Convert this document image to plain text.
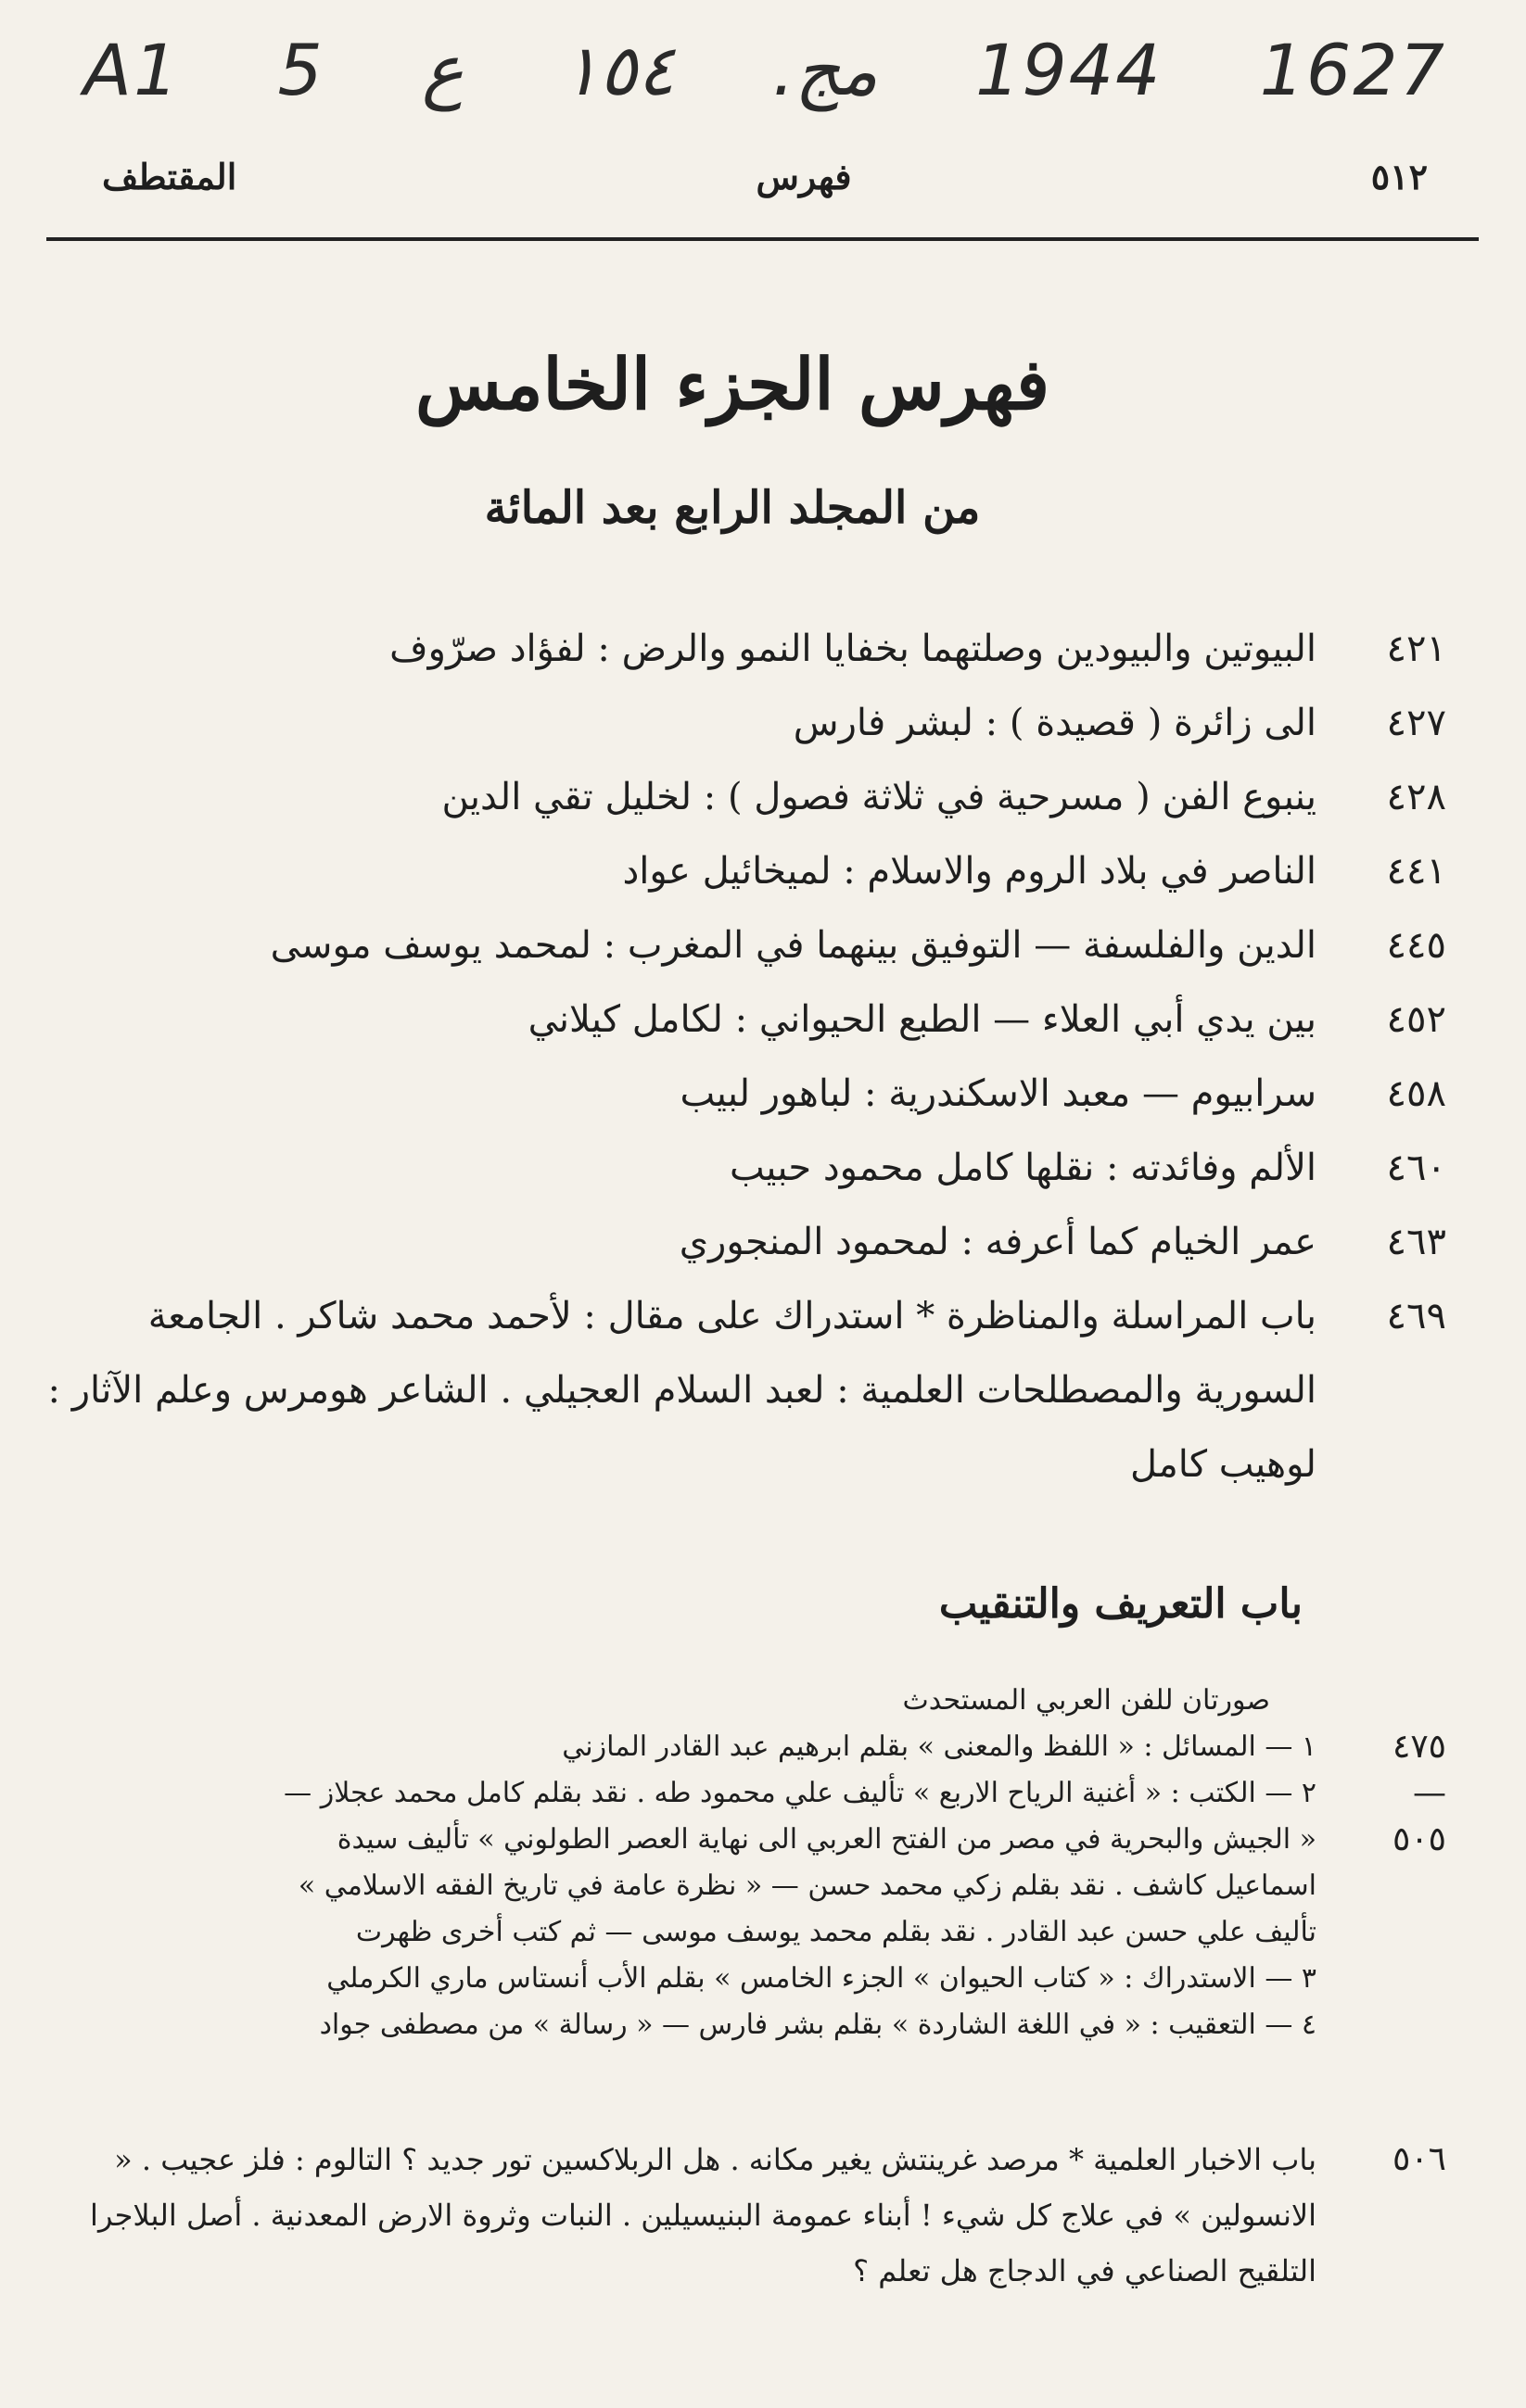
A1 5 ع ١٥٤ .مج 1944 1627
٥١٢
فهرس
المقتطف
فهرس الجزء الخامس
من المجلد الرابع بعد المائة
٤٢١
البيوتين والبيودين وصلتهما بخفايا النمو والرض : لفؤاد صرّوف
٤٢٧
الى زائرة ( قصيدة ) : لبشر فارس
٤٢٨
ينبوع الفن ( مسرحية في ثلاثة فصول ) : لخليل تقي الدين
٤٤١
الناصر في بلاد الروم والاسلام : لميخائيل عواد
٤٤٥
الدين والفلسفة — التوفيق بينهما في المغرب : لمحمد يوسف موسى
٤٥٢
بين يدي أبي العلاء — الطبع الحيواني : لكامل كيلاني
٤٥٨
سرابيوم — معبد الاسكندرية : لباهور لبيب
٤٦٠
الألم وفائدته : نقلها كامل محمود حبيب
٤٦٣
عمر الخيام كما أعرفه : لمحمود المنجوري
٤٦٩
باب المراسلة والمناظرة * استدراك على مقال : لأحمد محمد شاكر . الجامعة السورية والمصطلحات العلمية : لعبد السلام العجيلي . الشاعر هومرس وعلم الآثار : لوهيب كامل
باب التعريف والتنقيب
صورتان للفن العربي المستحدث
٤٧٥
١ — المسائل : « اللفظ والمعنى » بقلم ابرهيم عبد القادر المازني
—
٢ — الكتب : « أغنية الرياح الاربع » تأليف علي محمود طه . نقد بقلم كامل محمد عجلاز —
٥٠٥
« الجيش والبحرية في مصر من الفتح العربي الى نهاية العصر الطولوني » تأليف سيدة
اسماعيل كاشف . نقد بقلم زكي محمد حسن — « نظرة عامة في تاريخ الفقه الاسلامي »
تأليف علي حسن عبد القادر . نقد بقلم محمد يوسف موسى — ثم كتب أخرى ظهرت
٣ — الاستدراك : « كتاب الحيوان » الجزء الخامس » بقلم الأب أنستاس ماري الكرملي
٤ — التعقيب : « في اللغة الشاردة » بقلم بشر فارس — « رسالة » من مصطفى جواد
٥٠٦
باب الاخبار العلمية * مرصد غرينتش يغير مكانه . هل الربلاكسين تور جديد ؟ التالوم : فلز عجيب . « الانسولين » في علاج كل شيء ! أبناء عمومة البنيسيلين . النبات وثروة الارض المعدنية . أصل البلاجرا التلقيح الصناعي في الدجاج هل تعلم ؟
